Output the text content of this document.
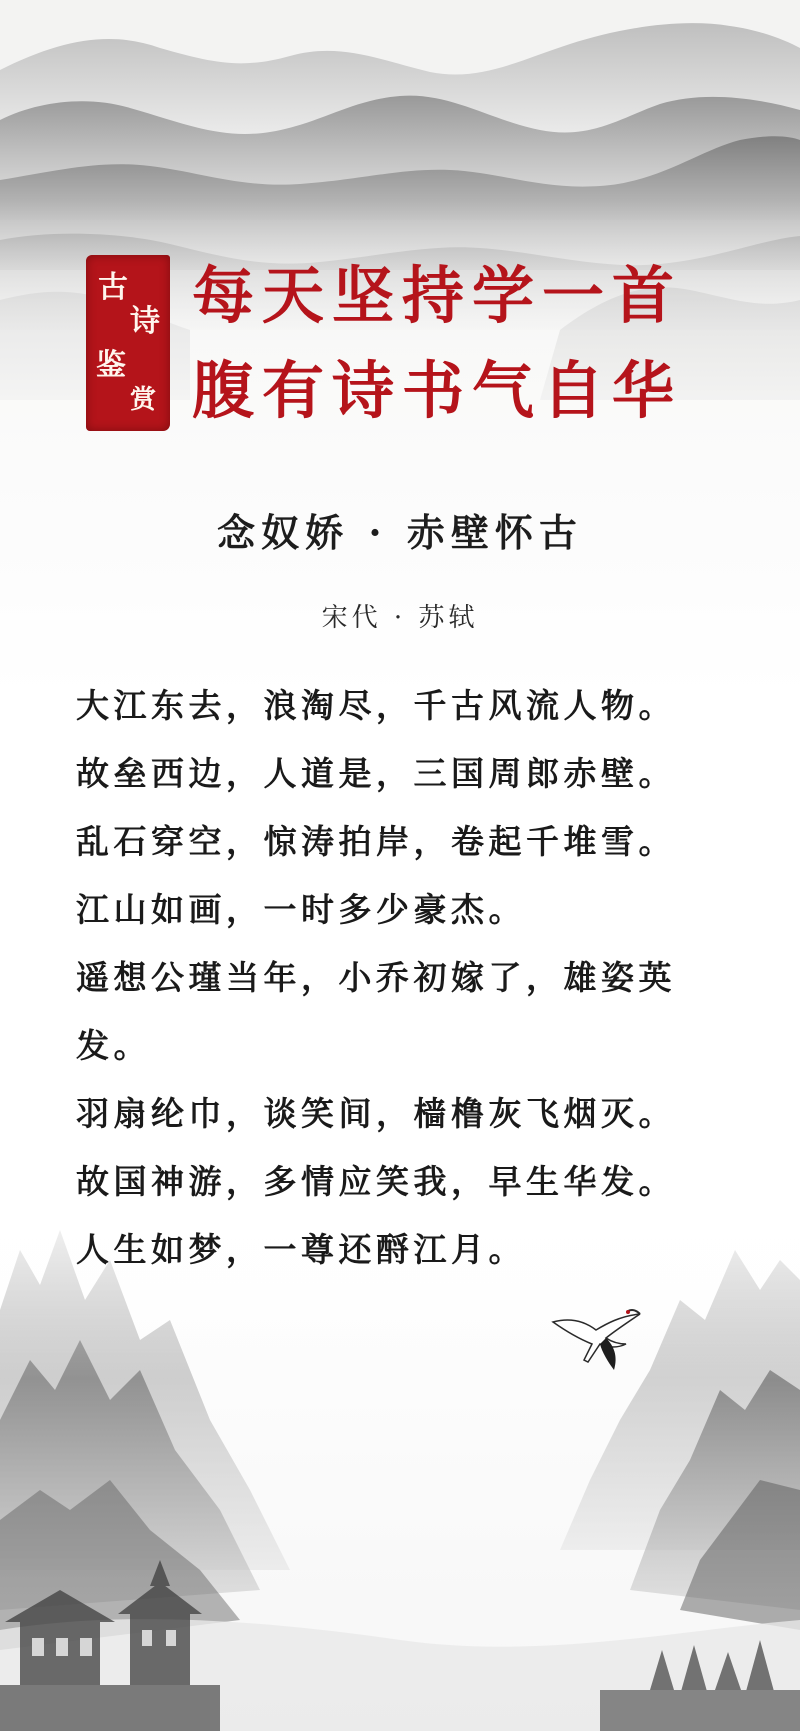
古
诗
鉴
赏
每天坚持学一首
腹有诗书气自华
念奴娇 · 赤壁怀古
宋代 · 苏轼
大江东去，浪淘尽，千古风流人物。
故垒西边，人道是，三国周郎赤壁。
乱石穿空，惊涛拍岸，卷起千堆雪。
江山如画，一时多少豪杰。
遥想公瑾当年，小乔初嫁了，雄姿英
发。
羽扇纶巾，谈笑间，樯橹灰飞烟灭。
故国神游，多情应笑我，早生华发。
人生如梦，一尊还酹江月。
